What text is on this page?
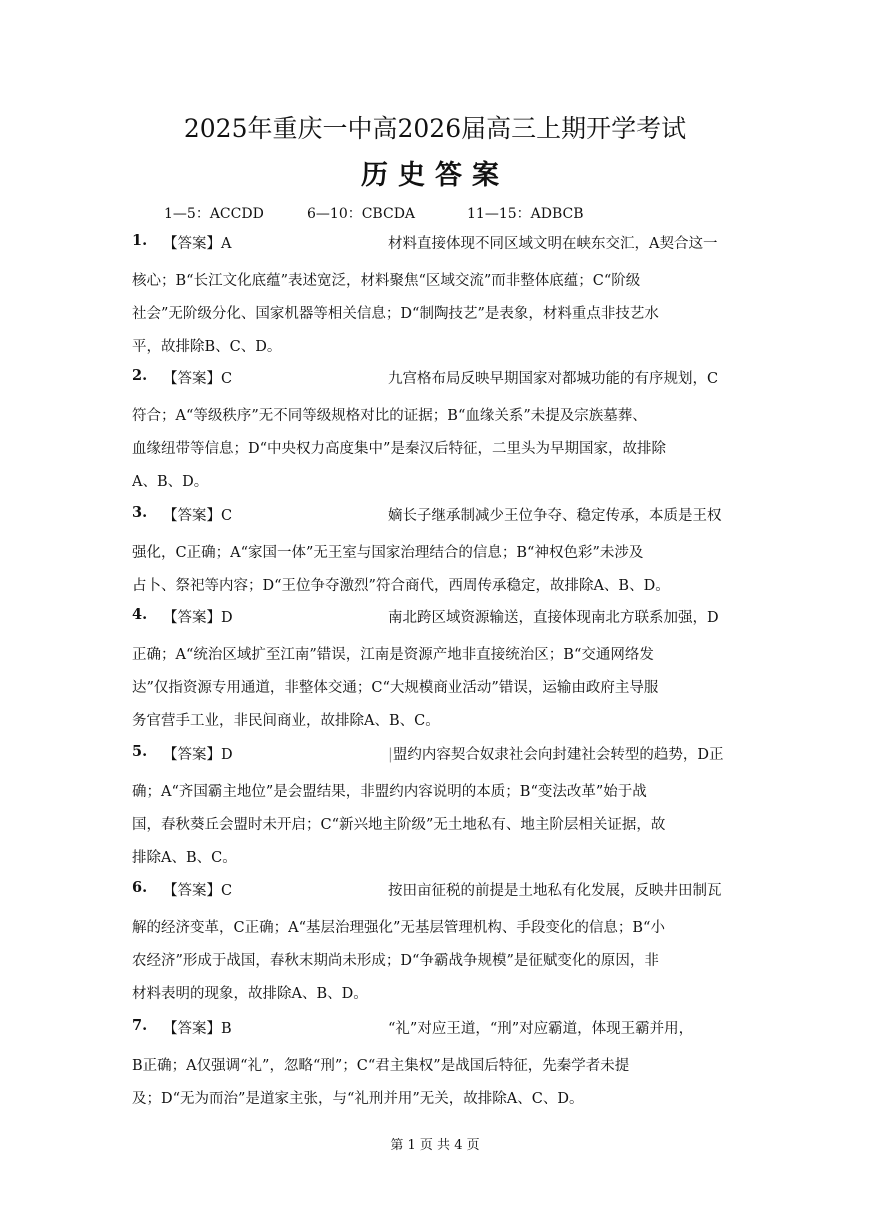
2025年重庆一中高2026届高三上期开学考试
历史答案
1—5：ACCDD	6—10：CBCDA	11—15：ADBCB
1. 【答案】A	材料直接体现不同区域文明在峡东交汇，A契合这一
核心；B“长江文化底蕴”表述宽泛，材料聚焦“区域交流”而非整体底蕴；C“阶级
社会”无阶级分化、国家机器等相关信息；D“制陶技艺”是表象，材料重点非技艺水
平，故排除B、C、D。
2. 【答案】C	九宫格布局反映早期国家对都城功能的有序规划，C
符合；A“等级秩序”无不同等级规格对比的证据；B“血缘关系”未提及宗族墓葬、
血缘纽带等信息；D“中央权力高度集中”是秦汉后特征，二里头为早期国家，故排除
A、B、D。
3. 【答案】C	嫡长子继承制减少王位争夺、稳定传承，本质是王权
强化，C正确；A“家国一体”无王室与国家治理结合的信息；B“神权色彩”未涉及
占卜、祭祀等内容；D“王位争夺激烈”符合商代，西周传承稳定，故排除A、B、D。
4. 【答案】D	南北跨区域资源输送，直接体现南北方联系加强，D
正确；A“统治区域扩至江南”错误，江南是资源产地非直接统治区；B“交通网络发
达”仅指资源专用通道，非整体交通；C“大规模商业活动”错误，运输由政府主导服
务官营手工业，非民间商业，故排除A、B、C。
5. 【答案】D	|盟约内容契合奴隶社会向封建社会转型的趋势，D正
确；A“齐国霸主地位”是会盟结果，非盟约内容说明的本质；B“变法改革”始于战
国，春秋葵丘会盟时未开启；C“新兴地主阶级”无土地私有、地主阶层相关证据，故
排除A、B、C。
6. 【答案】C	按田亩征税的前提是土地私有化发展，反映井田制瓦
解的经济变革，C正确；A“基层治理强化”无基层管理机构、手段变化的信息；B“小
农经济”形成于战国，春秋末期尚未形成；D“争霸战争规模”是征赋变化的原因，非
材料表明的现象，故排除A、B、D。
7. 【答案】B	“礼”对应王道，“刑”对应霸道，体现王霸并用，
B正确；A仅强调“礼”，忽略“刑”；C“君主集权”是战国后特征，先秦学者未提
及；D“无为而治”是道家主张，与“礼刑并用”无关，故排除A、C、D。
第 1 页 共 4 页
